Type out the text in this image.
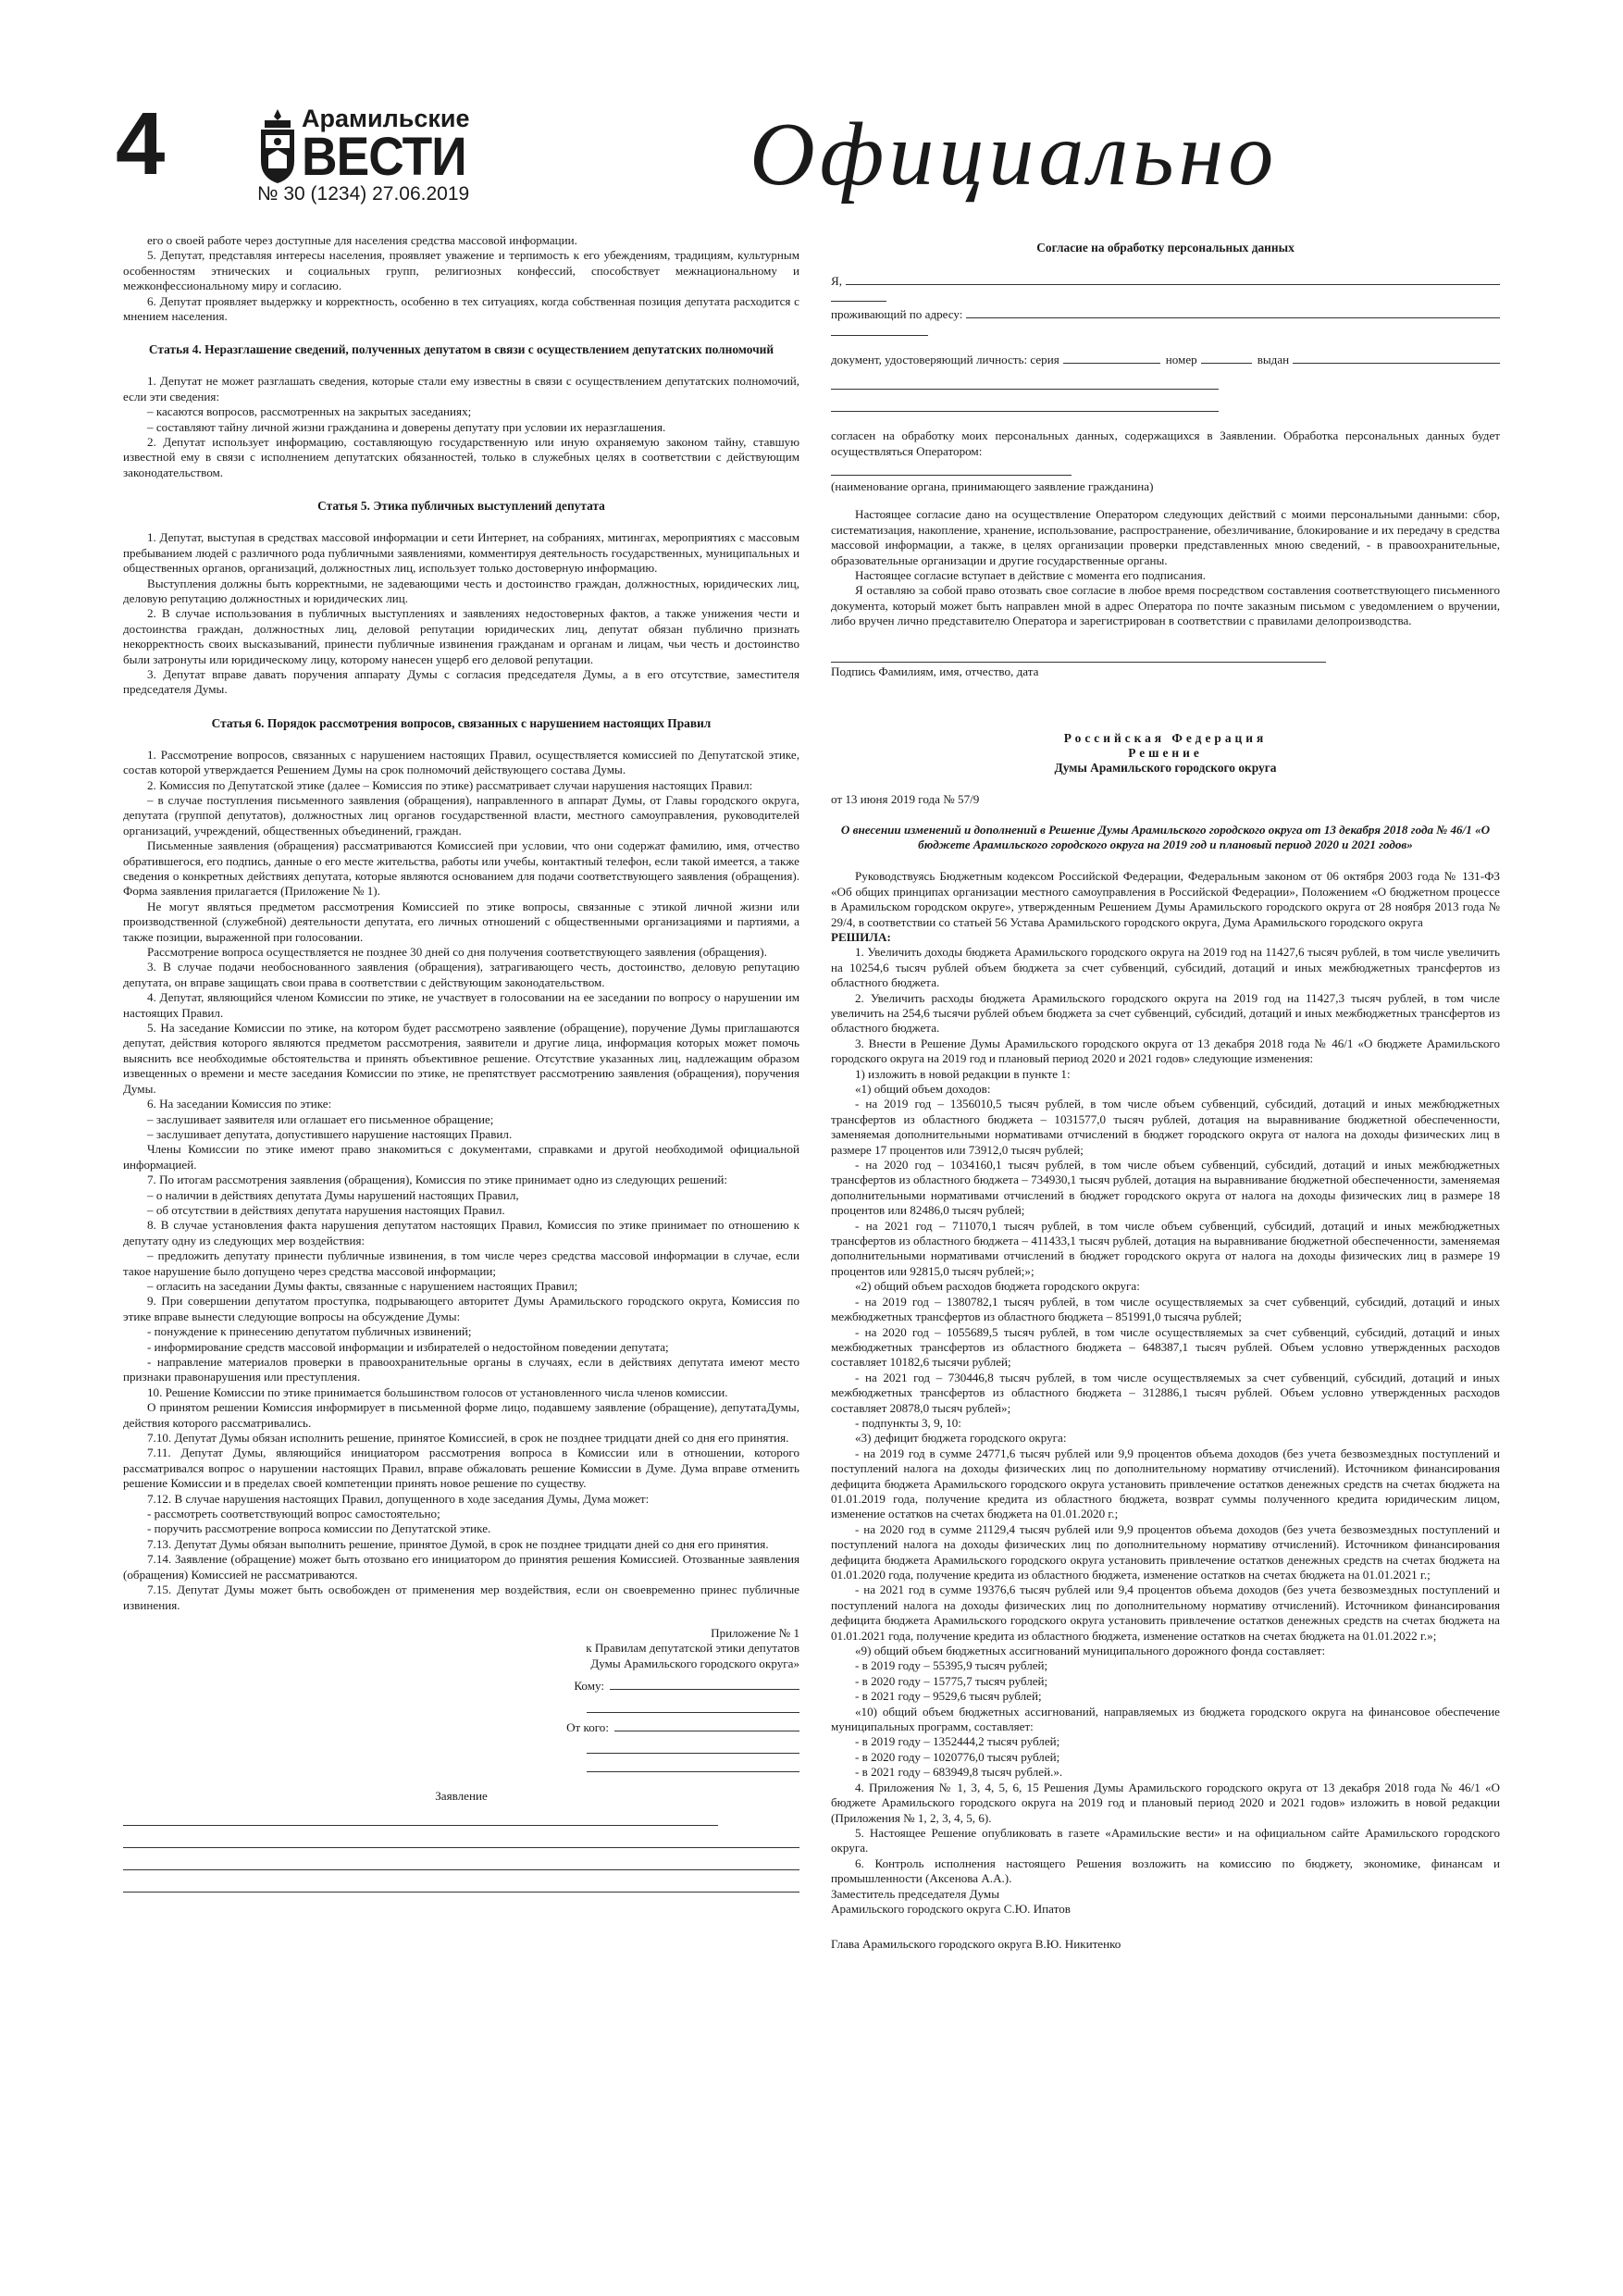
4	Арамильские
ВЕСТИ
№ 30 (1234) 27.06.2019	Официально

его о своей работе через доступные для населения средства массовой информации.

5. Депутат, представляя интересы населения, проявляет уважение и терпимость к его убеждениям, традициям, культурным особенностям этнических и социальных групп, религиозных конфессий, способствует межнациональному и межконфессиональному миру и согласию.

6. Депутат проявляет выдержку и корректность, особенно в тех ситуациях, когда собственная позиция депутата расходится с мнением населения.

Статья 4. Неразглашение сведений, полученных депутатом в связи с осуществлением депутатских полномочий

1. Депутат не может разглашать сведения, которые стали ему известны в связи с осуществлением депутатских полномочий, если эти сведения:

– касаются вопросов, рассмотренных на закрытых заседаниях;

– составляют тайну личной жизни гражданина и доверены депутату при условии их неразглашения.

2. Депутат использует информацию, составляющую государственную или иную охраняемую законом тайну, ставшую известной ему в связи с исполнением депутатских обязанностей, только в служебных целях в соответствии с действующим законодательством.

Статья 5. Этика публичных выступлений депутата

1. Депутат, выступая в средствах массовой информации и сети Интернет, на собраниях, митингах, мероприятиях с массовым пребыванием людей с различного рода публичными заявлениями, комментируя деятельность государственных, муниципальных и общественных органов, организаций, должностных лиц, использует только достоверную информацию.

Выступления должны быть корректными, не задевающими честь и достоинство граждан, должностных, юридических лиц, деловую репутацию должностных и юридических лиц.

2. В случае использования в публичных выступлениях и заявлениях недостоверных фактов, а также унижения чести и достоинства граждан, должностных лиц, деловой репутации юридических лиц, депутат обязан публично признать некорректность своих высказываний, принести публичные извинения гражданам и органам и лицам, чьи честь и достоинство были затронуты или юридическому лицу, которому нанесен ущерб его деловой репутации.

3. Депутат вправе давать поручения аппарату Думы с согласия председателя Думы, а в его отсутствие, заместителя председателя Думы.

Статья 6. Порядок рассмотрения вопросов, связанных с нарушением настоящих Правил

1. Рассмотрение вопросов, связанных с нарушением настоящих Правил, осуществляется комиссией по Депутатской этике, состав которой утверждается Решением Думы на срок полномочий действующего состава Думы.

2. Комиссия по Депутатской этике (далее – Комиссия по этике) рассматривает случаи нарушения настоящих Правил:

– в случае поступления письменного заявления (обращения), направленного в аппарат Думы, от Главы городского округа, депутата (группой депутатов), должностных лиц органов государственной власти, местного самоуправления, руководителей организаций, учреждений, общественных объединений, граждан.

Письменные заявления (обращения) рассматриваются Комиссией при условии, что они содержат фамилию, имя, отчество обратившегося, его подпись, данные о его месте жительства, работы или учебы, контактный телефон, если такой имеется, а также сведения о конкретных действиях депутата, которые являются основанием для подачи соответствующего заявления (обращения). Форма заявления прилагается (Приложение № 1).

Не могут являться предметом рассмотрения Комиссией по этике вопросы, связанные с этикой личной жизни или производственной (служебной) деятельности депутата, его личных отношений с общественными организациями и партиями, а также позиции, выраженной при голосовании.

Рассмотрение вопроса осуществляется не позднее 30 дней со дня получения соответствующего заявления (обращения).

3. В случае подачи необоснованного заявления (обращения), затрагивающего честь, достоинство, деловую репутацию депутата, он вправе защищать свои права в соответствии с действующим законодательством.

4. Депутат, являющийся членом Комиссии по этике, не участвует в голосовании на ее заседании по вопросу о нарушении им настоящих Правил.

5. На заседание Комиссии по этике, на котором будет рассмотрено заявление (обращение), поручение Думы приглашаются депутат, действия которого являются предметом рассмотрения, заявители и другие лица, информация которых может помочь выяснить все необходимые обстоятельства и принять объективное решение. Отсутствие указанных лиц, надлежащим образом извещенных о времени и месте заседания Комиссии по этике, не препятствует рассмотрению заявления (обращения), поручения Думы.

6. На заседании Комиссия по этике:

– заслушивает заявителя или оглашает его письменное обращение;

– заслушивает депутата, допустившего нарушение настоящих Правил.

Члены Комиссии по этике имеют право знакомиться с документами, справками и другой необходимой официальной информацией.

7. По итогам рассмотрения заявления (обращения), Комиссия по этике принимает одно из следующих решений:

– о наличии в действиях депутата Думы нарушений настоящих Правил,

– об отсутствии в действиях депутата нарушения настоящих Правил.

8. В случае установления факта нарушения депутатом настоящих Правил, Комиссия по этике принимает по отношению к депутату одну из следующих мер воздействия:

– предложить депутату принести публичные извинения, в том числе через средства массовой информации в случае, если такое нарушение было допущено через средства массовой информации;

– огласить на заседании Думы факты, связанные с нарушением настоящих Правил;

9. При совершении депутатом проступка, подрывающего авторитет Думы Арамильского городского округа, Комиссия по этике вправе вынести следующие вопросы на обсуждение Думы:

- понуждение к принесению депутатом публичных извинений;

- информирование средств массовой информации и избирателей о недостойном поведении депутата;

- направление материалов проверки в правоохранительные органы в случаях, если в действиях депутата имеют место признаки правонарушения или преступления.

10. Решение Комиссии по этике принимается большинством голосов от установленного числа членов комиссии.

О принятом решении Комиссия информирует в письменной форме лицо, подавшему заявление (обращение), депутатаДумы, действия которого рассматривались.

7.10. Депутат Думы обязан исполнить решение, принятое Комиссией, в срок не позднее тридцати дней со дня его принятия.

7.11. Депутат Думы, являющийся инициатором рассмотрения вопроса в Комиссии или в отношении, которого рассматривался вопрос о нарушении настоящих Правил, вправе обжаловать решение Комиссии в Думе. Дума вправе отменить решение Комиссии и в пределах своей компетенции принять новое решение по существу.

7.12. В случае нарушения настоящих Правил, допущенного в ходе заседания Думы, Дума может:

- рассмотреть соответствующий вопрос самостоятельно;

- поручить рассмотрение вопроса комиссии по Депутатской этике.

7.13. Депутат Думы обязан выполнить решение, принятое Думой, в срок не позднее тридцати дней со дня его принятия.

7.14. Заявление (обращение) может быть отозвано его инициатором до принятия решения Комиссией. Отозванные заявления (обращения) Комиссией не рассматриваются.

7.15. Депутат Думы может быть освобожден от применения мер воздействия, если он своевременно принес публичные извинения.

Приложение № 1

к Правилам депутатской этики депутатов

Думы Арамильского городского округа»

Кому:
От кого:
Заявление
Согласие на обработку персональных данных
Я,
проживающий по адресу:
документ, удостоверяющий личность: серия	номер	выдан

согласен на обработку моих персональных данных, содержащихся в Заявлении. Обработка персональных данных будет осуществляться Оператором:

(наименование органа, принимающего заявление гражданина)

Настоящее согласие дано на осуществление Оператором следующих действий с моими персональными данными: сбор, систематизация, накопление, хранение, использование, распространение, обезличивание, блокирование и их передачу в средства массовой информации, а также, в целях организации проверки представленных мною сведений, - в правоохранительные, образовательные организации и другие государственные органы.

Настоящее согласие вступает в действие с момента его подписания.

Я оставляю за собой право отозвать свое согласие в любое время посредством составления соответствующего письменного документа, который может быть направлен мной в адрес Оператора по почте заказным письмом с уведомлением о вручении, либо вручен лично представителю Оператора и зарегистрирован в соответствии с правилами делопроизводства.

Подпись Фамилиям, имя, отчество, дата

Российская Федерация
Решение
Думы Арамильского городского округа

от 13 июня 2019 года № 57/9

О внесении изменений и дополнений в Решение Думы Арамильского городского округа от 13 декабря 2018 года № 46/1 «О бюджете Арамильского городского округа на 2019 год и плановый период 2020 и 2021 годов»

Руководствуясь Бюджетным кодексом Российской Федерации, Федеральным законом от 06 октября 2003 года № 131-ФЗ «Об общих принципах организации местного самоуправления в Российской Федерации», Положением «О бюджетном процессе в Арамильском городском округе», утвержденным Решением Думы Арамильского городского округа от 28 ноября 2013 года № 29/4, в соответствии со статьей 56 Устава Арамильского городского округа, Дума Арамильского городского округа

РЕШИЛА:

1. Увеличить доходы бюджета Арамильского городского округа на 2019 год на 11427,6 тысяч рублей, в том числе увеличить на 10254,6 тысяч рублей объем бюджета за счет субвенций, субсидий, дотаций и иных межбюджетных трансфертов из областного бюджета.

2. Увеличить расходы бюджета Арамильского городского округа на 2019 год на 11427,3 тысяч рублей, в том числе увеличить на 254,6 тысячи рублей объем бюджета за счет субвенций, субсидий, дотаций и иных межбюджетных трансфертов из областного бюджета.

3. Внести в Решение Думы Арамильского городского округа от 13 декабря 2018 года № 46/1 «О бюджете Арамильского городского округа на 2019 год и плановый период 2020 и 2021 годов» следующие изменения:

1) изложить в новой редакции в пункте 1:

«1) общий объем доходов:

- на 2019 год – 1356010,5 тысяч рублей, в том числе объем субвенций, субсидий, дотаций и иных межбюджетных трансфертов из областного бюджета – 1031577,0 тысяч рублей, дотация на выравнивание бюджетной обеспеченности, заменяемая дополнительными нормативами отчислений в бюджет городского округа от налога на доходы физических лиц в размере 17 процентов или 73912,0 тысяч рублей;

- на 2020 год – 1034160,1 тысяч рублей, в том числе объем субвенций, субсидий, дотаций и иных межбюджетных трансфертов из областного бюджета – 734930,1 тысяч рублей, дотация на выравнивание бюджетной обеспеченности, заменяемая дополнительными нормативами отчислений в бюджет городского округа от налога на доходы физических лиц в размере 18 процентов или 82486,0 тысяч рублей;

- на 2021 год – 711070,1 тысяч рублей, в том числе объем субвенций, субсидий, дотаций и иных межбюджетных трансфертов из областного бюджета – 411433,1 тысяч рублей, дотация на выравнивание бюджетной обеспеченности, заменяемая дополнительными нормативами отчислений в бюджет городского округа от налога на доходы физических лиц в размере 19 процентов или 92815,0 тысяч рублей;»;

«2) общий объем расходов бюджета городского округа:

- на 2019 год – 1380782,1 тысяч рублей, в том числе осуществляемых за счет субвенций, субсидий, дотаций и иных межбюджетных трансфертов из областного бюджета – 851991,0 тысяча рублей;

- на 2020 год – 1055689,5 тысяч рублей, в том числе осуществляемых за счет субвенций, субсидий, дотаций и иных межбюджетных трансфертов из областного бюджета – 648387,1 тысяч рублей. Объем условно утвержденных расходов составляет 10182,6 тысячи рублей;

- на 2021 год – 730446,8 тысяч рублей, в том числе осуществляемых за счет субвенций, субсидий, дотаций и иных межбюджетных трансфертов из областного бюджета – 312886,1 тысяч рублей. Объем условно утвержденных расходов составляет 20878,0 тысяч рублей»;

- подпункты 3, 9, 10:

«3) дефицит бюджета городского округа:

- на 2019 год в сумме 24771,6 тысяч рублей или 9,9 процентов объема доходов (без учета безвозмездных поступлений и поступлений налога на доходы физических лиц по дополнительному нормативу отчислений). Источником финансирования дефицита бюджета Арамильского городского округа установить привлечение остатков денежных средств на счетах бюджета на 01.01.2019 года, получение кредита из областного бюджета, возврат суммы полученного кредита юридическим лицом, изменение остатков на счетах бюджета на 01.01.2020 г.;

- на 2020 год в сумме 21129,4 тысяч рублей или 9,9 процентов объема доходов (без учета безвозмездных поступлений и поступлений налога на доходы физических лиц по дополнительному нормативу отчислений). Источником финансирования дефицита бюджета Арамильского городского округа установить привлечение остатков денежных средств на счетах бюджета на 01.01.2020 года, получение кредита из областного бюджета, изменение остатков на счетах бюджета на 01.01.2021 г.;

- на 2021 год в сумме 19376,6 тысяч рублей или 9,4 процентов объема доходов (без учета безвозмездных поступлений и поступлений налога на доходы физических лиц по дополнительному нормативу отчислений). Источником финансирования дефицита бюджета Арамильского городского округа установить привлечение остатков денежных средств на счетах бюджета на 01.01.2021 года, получение кредита из областного бюджета, изменение остатков на счетах бюджета на 01.01.2022 г.»;

«9) общий объем бюджетных ассигнований муниципального дорожного фонда составляет:

- в 2019 году – 55395,9 тысяч рублей;

- в 2020 году – 15775,7 тысяч рублей;

- в 2021 году – 9529,6 тысяч рублей;

«10) общий объем бюджетных ассигнований, направляемых из бюджета городского округа на финансовое обеспечение муниципальных программ, составляет:

- в 2019 году – 1352444,2 тысяч рублей;

- в 2020 году – 1020776,0 тысяч рублей;

- в 2021 году – 683949,8 тысяч рублей.».

4. Приложения № 1, 3, 4, 5, 6, 15 Решения Думы Арамильского городского округа от 13 декабря 2018 года № 46/1 «О бюджете Арамильского городского округа на 2019 год и плановый период 2020 и 2021 годов» изложить в новой редакции (Приложения № 1, 2, 3, 4, 5, 6).

5. Настоящее Решение опубликовать в газете «Арамильские вести» и на официальном сайте Арамильского городского округа.

6. Контроль исполнения настоящего Решения возложить на комиссию по бюджету, экономике, финансам и промышленности (Аксенова А.А.).

Заместитель председателя Думы

Арамильского городского округа С.Ю. Ипатов

Глава Арамильского городского округа В.Ю. Никитенко
